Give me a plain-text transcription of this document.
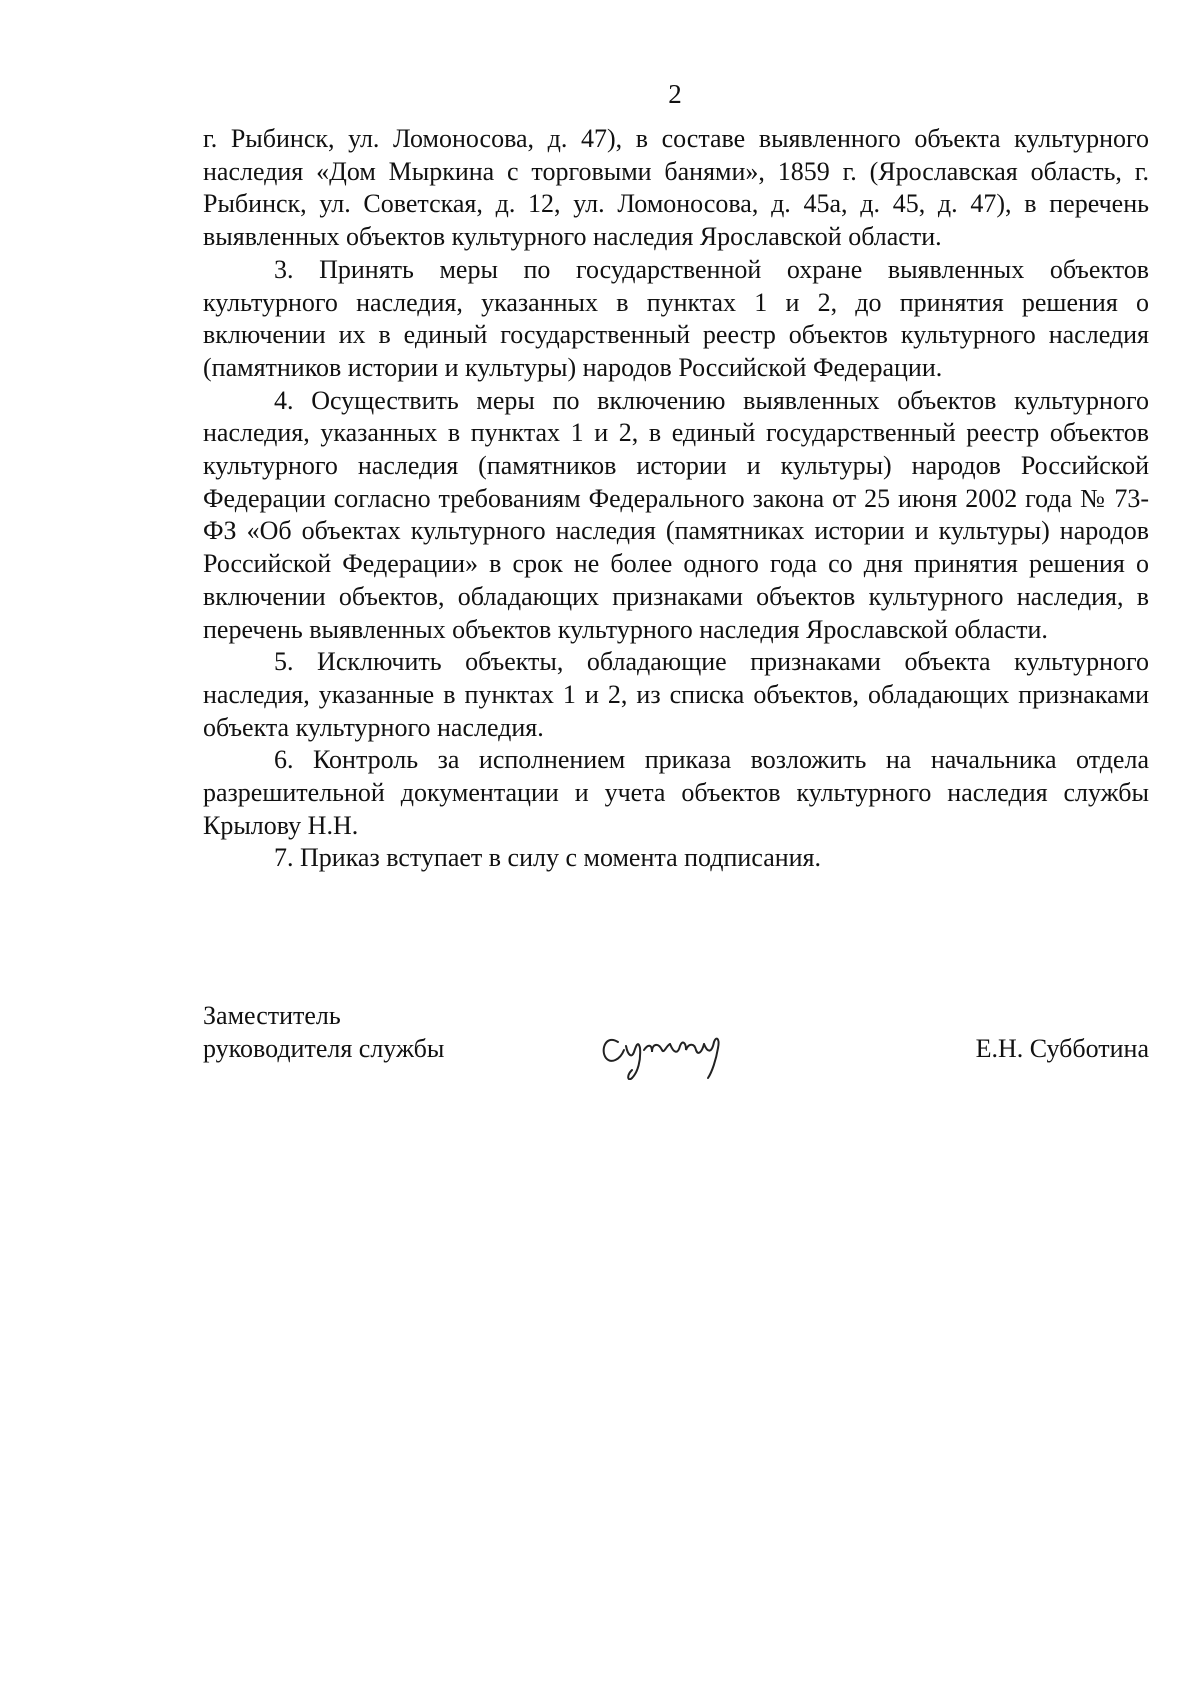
2

г. Рыбинск, ул. Ломоносова, д. 47), в составе выявленного объекта культурного наследия «Дом Мыркина с торговыми банями», 1859 г. (Ярославская область, г. Рыбинск, ул. Советская, д. 12, ул. Ломоносова, д. 45а, д. 45, д. 47), в перечень выявленных объектов культурного наследия Ярославской области.

3. Принять меры по государственной охране выявленных объектов культурного наследия, указанных в пунктах 1 и 2, до принятия решения о включении их в единый государственный реестр объектов культурного наследия (памятников истории и культуры) народов Российской Федерации.

4. Осуществить меры по включению выявленных объектов культурного наследия, указанных в пунктах 1 и 2, в единый государственный реестр объектов культурного наследия (памятников истории и культуры) народов Российской Федерации согласно требованиям Федерального закона от 25 июня 2002 года № 73-ФЗ «Об объектах культурного наследия (памятниках истории и культуры) народов Российской Федерации» в срок не более одного года со дня принятия решения о включении объектов, обладающих признаками объектов культурного наследия, в перечень выявленных объектов культурного наследия Ярославской области.

5. Исключить объекты, обладающие признаками объекта культурного наследия, указанные в пунктах 1 и 2, из списка объектов, обладающих признаками объекта культурного наследия.

6. Контроль за исполнением приказа возложить на начальника отдела разрешительной документации и учета объектов культурного наследия службы Крылову Н.Н.

7. Приказ вступает в силу с момента подписания.

Заместитель
руководителя службы	Е.Н. Субботина
